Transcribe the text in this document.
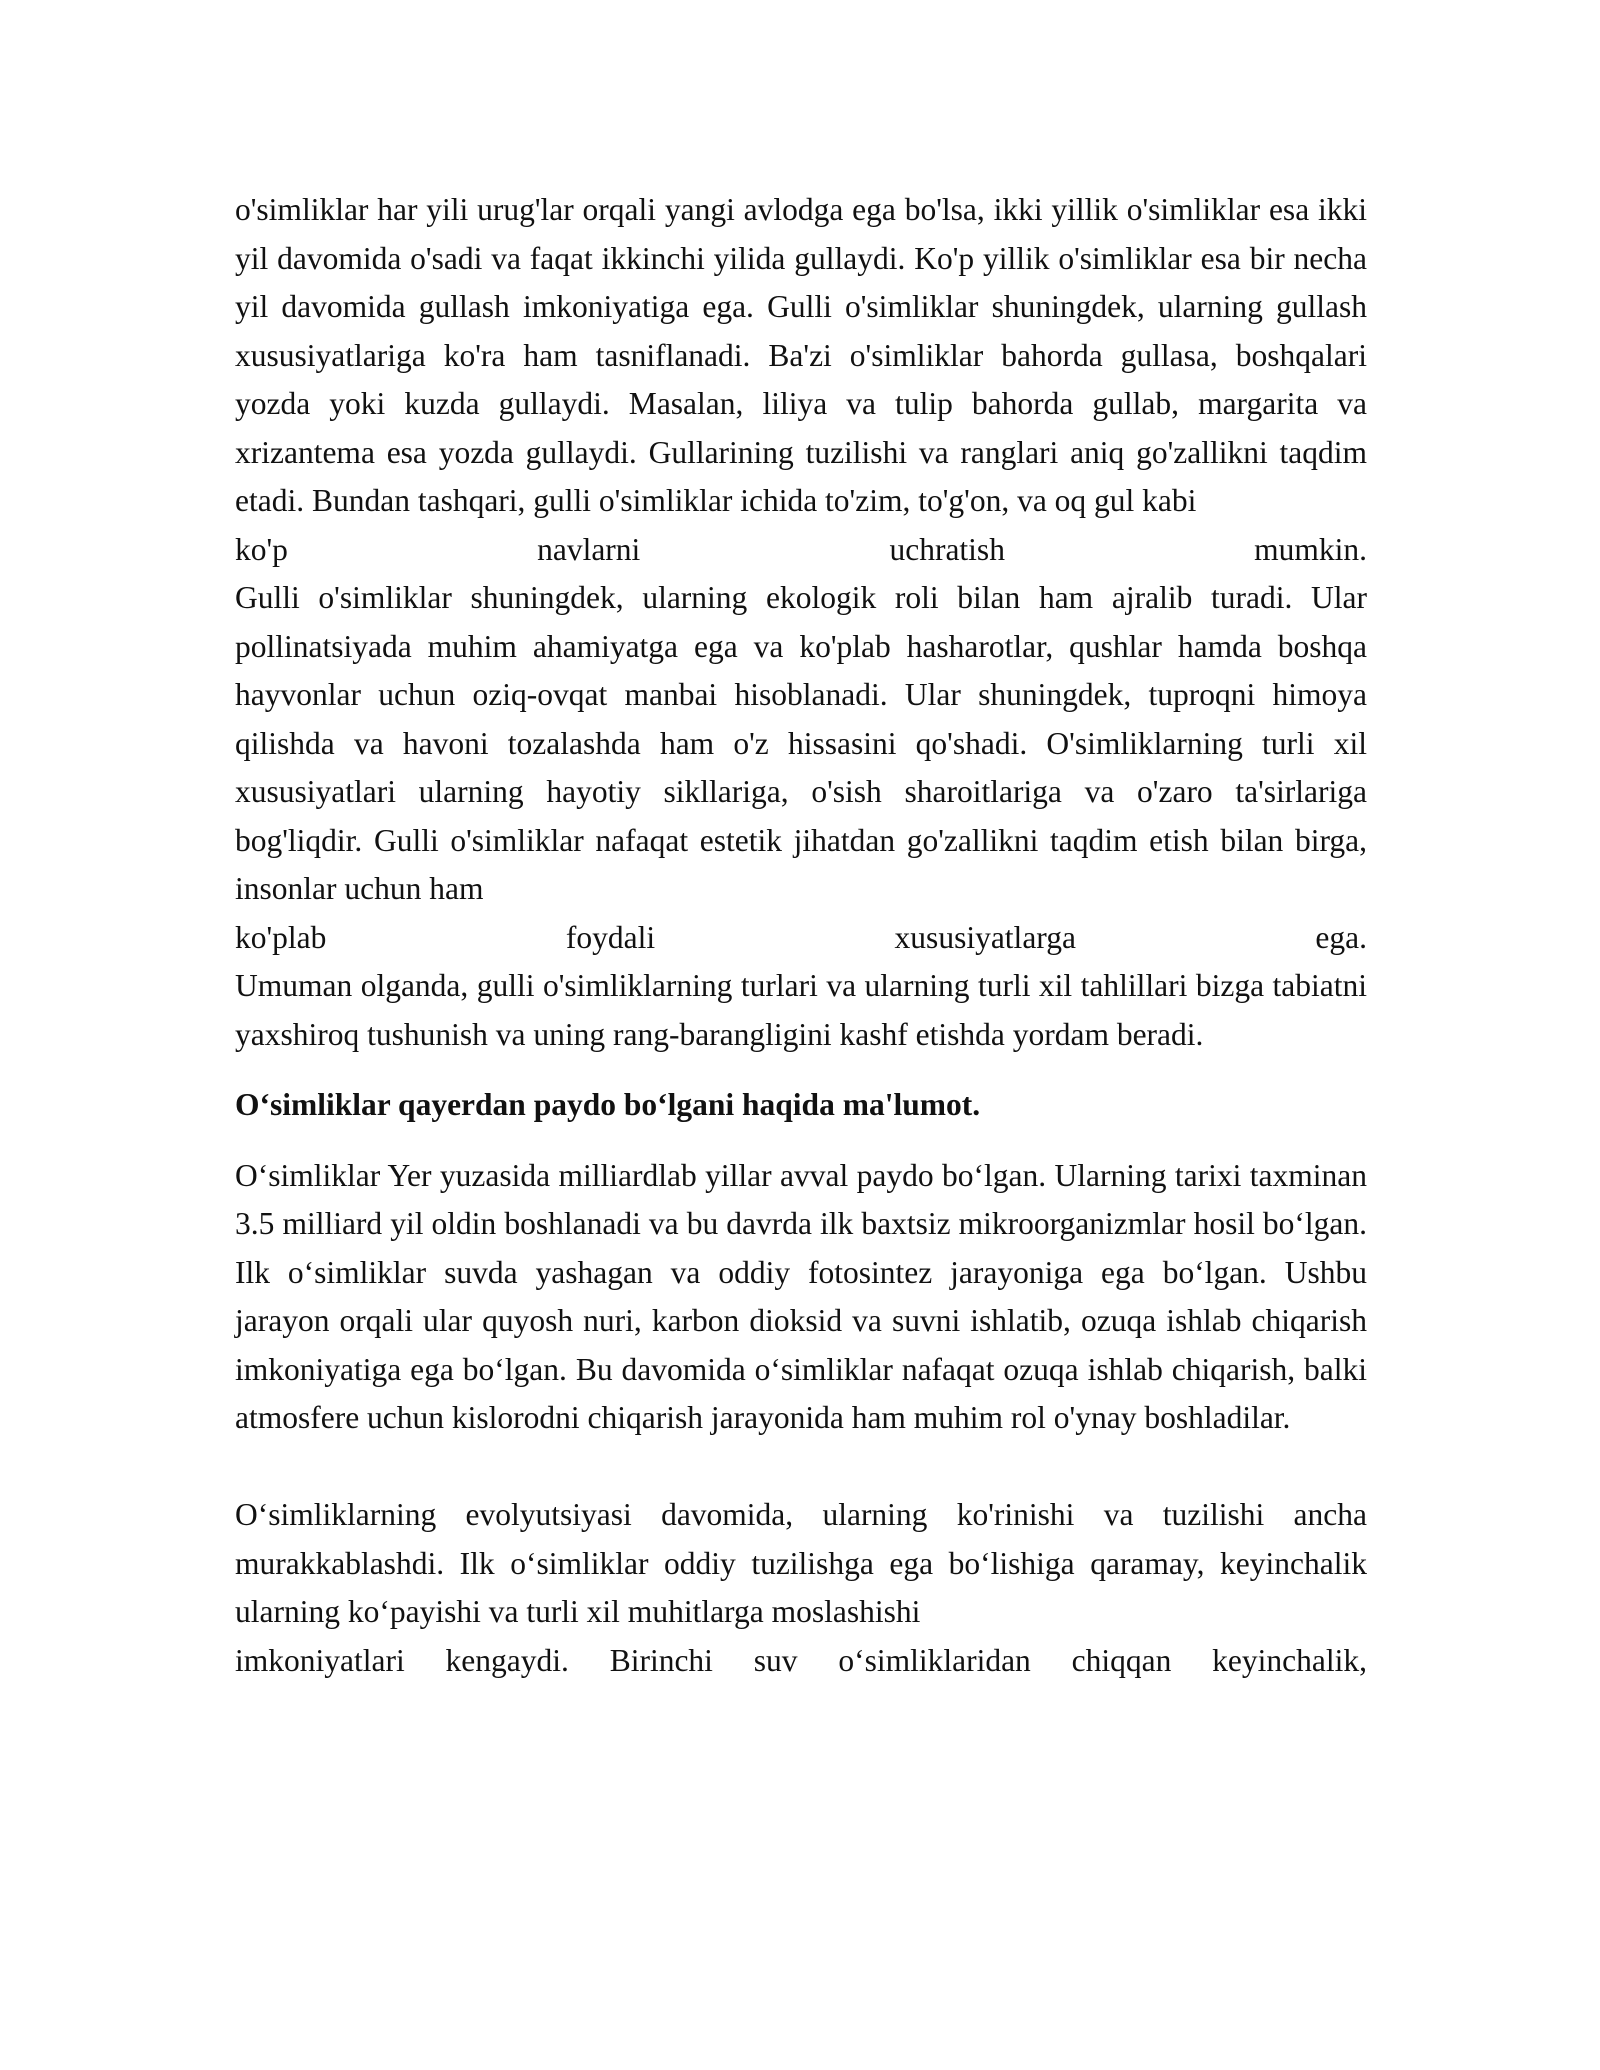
o'simliklar har yili urug'lar orqali yangi avlodga ega bo'lsa, ikki yillik o'simliklar esa ikki yil davomida o'sadi va faqat ikkinchi yilida gullaydi. Ko'p yillik o'simliklar esa bir necha yil davomida gullash imkoniyatiga ega. Gulli o'simliklar shuningdek, ularning gullash xususiyatlariga ko'ra ham tasniflanadi. Ba'zi o'simliklar bahorda gullasa, boshqalari yozda yoki kuzda gullaydi. Masalan, liliya va tulip bahorda gullab, margarita va xrizantema esa yozda gullaydi. Gullarining tuzilishi va ranglari aniq go'zallikni taqdim etadi. Bundan tashqari, gulli o'simliklar ichida to'zim, to'g'on, va oq gul kabi
ko'p navlarni uchratish mumkin.
Gulli o'simliklar shuningdek, ularning ekologik roli bilan ham ajralib turadi. Ular pollinatsiyada muhim ahamiyatga ega va ko'plab hasharotlar, qushlar hamda boshqa hayvonlar uchun oziq-ovqat manbai hisoblanadi. Ular shuningdek, tuproqni himoya qilishda va havoni tozalashda ham o'z hissasini qo'shadi. O'simliklarning turli xil xususiyatlari ularning hayotiy sikllariga, o'sish sharoitlariga va o'zaro ta'sirlariga bog'liqdir. Gulli o'simliklar nafaqat estetik jihatdan go'zallikni taqdim etish bilan birga, insonlar uchun ham
ko'plab foydali xususiyatlarga ega.
Umuman olganda, gulli o'simliklarning turlari va ularning turli xil tahlillari bizga tabiatni yaxshiroq tushunish va uning rang-barangligini kashf etishda yordam beradi.
O‘simliklar qayerdan paydo bo‘lgani haqida ma'lumot.
O‘simliklar Yer yuzasida milliardlab yillar avval paydo bo‘lgan. Ularning tarixi taxminan 3.5 milliard yil oldin boshlanadi va bu davrda ilk baxtsiz mikroorganizmlar hosil bo‘lgan. Ilk o‘simliklar suvda yashagan va oddiy fotosintez jarayoniga ega bo‘lgan. Ushbu jarayon orqali ular quyosh nuri, karbon dioksid va suvni ishlatib, ozuqa ishlab chiqarish imkoniyatiga ega bo‘lgan. Bu davomida o‘simliklar nafaqat ozuqa ishlab chiqarish, balki atmosfere uchun kislorodni chiqarish jarayonida ham muhim rol o'ynay boshladilar.
O‘simliklarning evolyutsiyasi davomida, ularning ko'rinishi va tuzilishi ancha murakkablashdi. Ilk o‘simliklar oddiy tuzilishga ega bo‘lishiga qaramay, keyinchalik ularning ko‘payishi va turli xil muhitlarga moslashishi
imkoniyatlari kengaydi. Birinchi suv o‘simliklaridan chiqqan keyinchalik,
